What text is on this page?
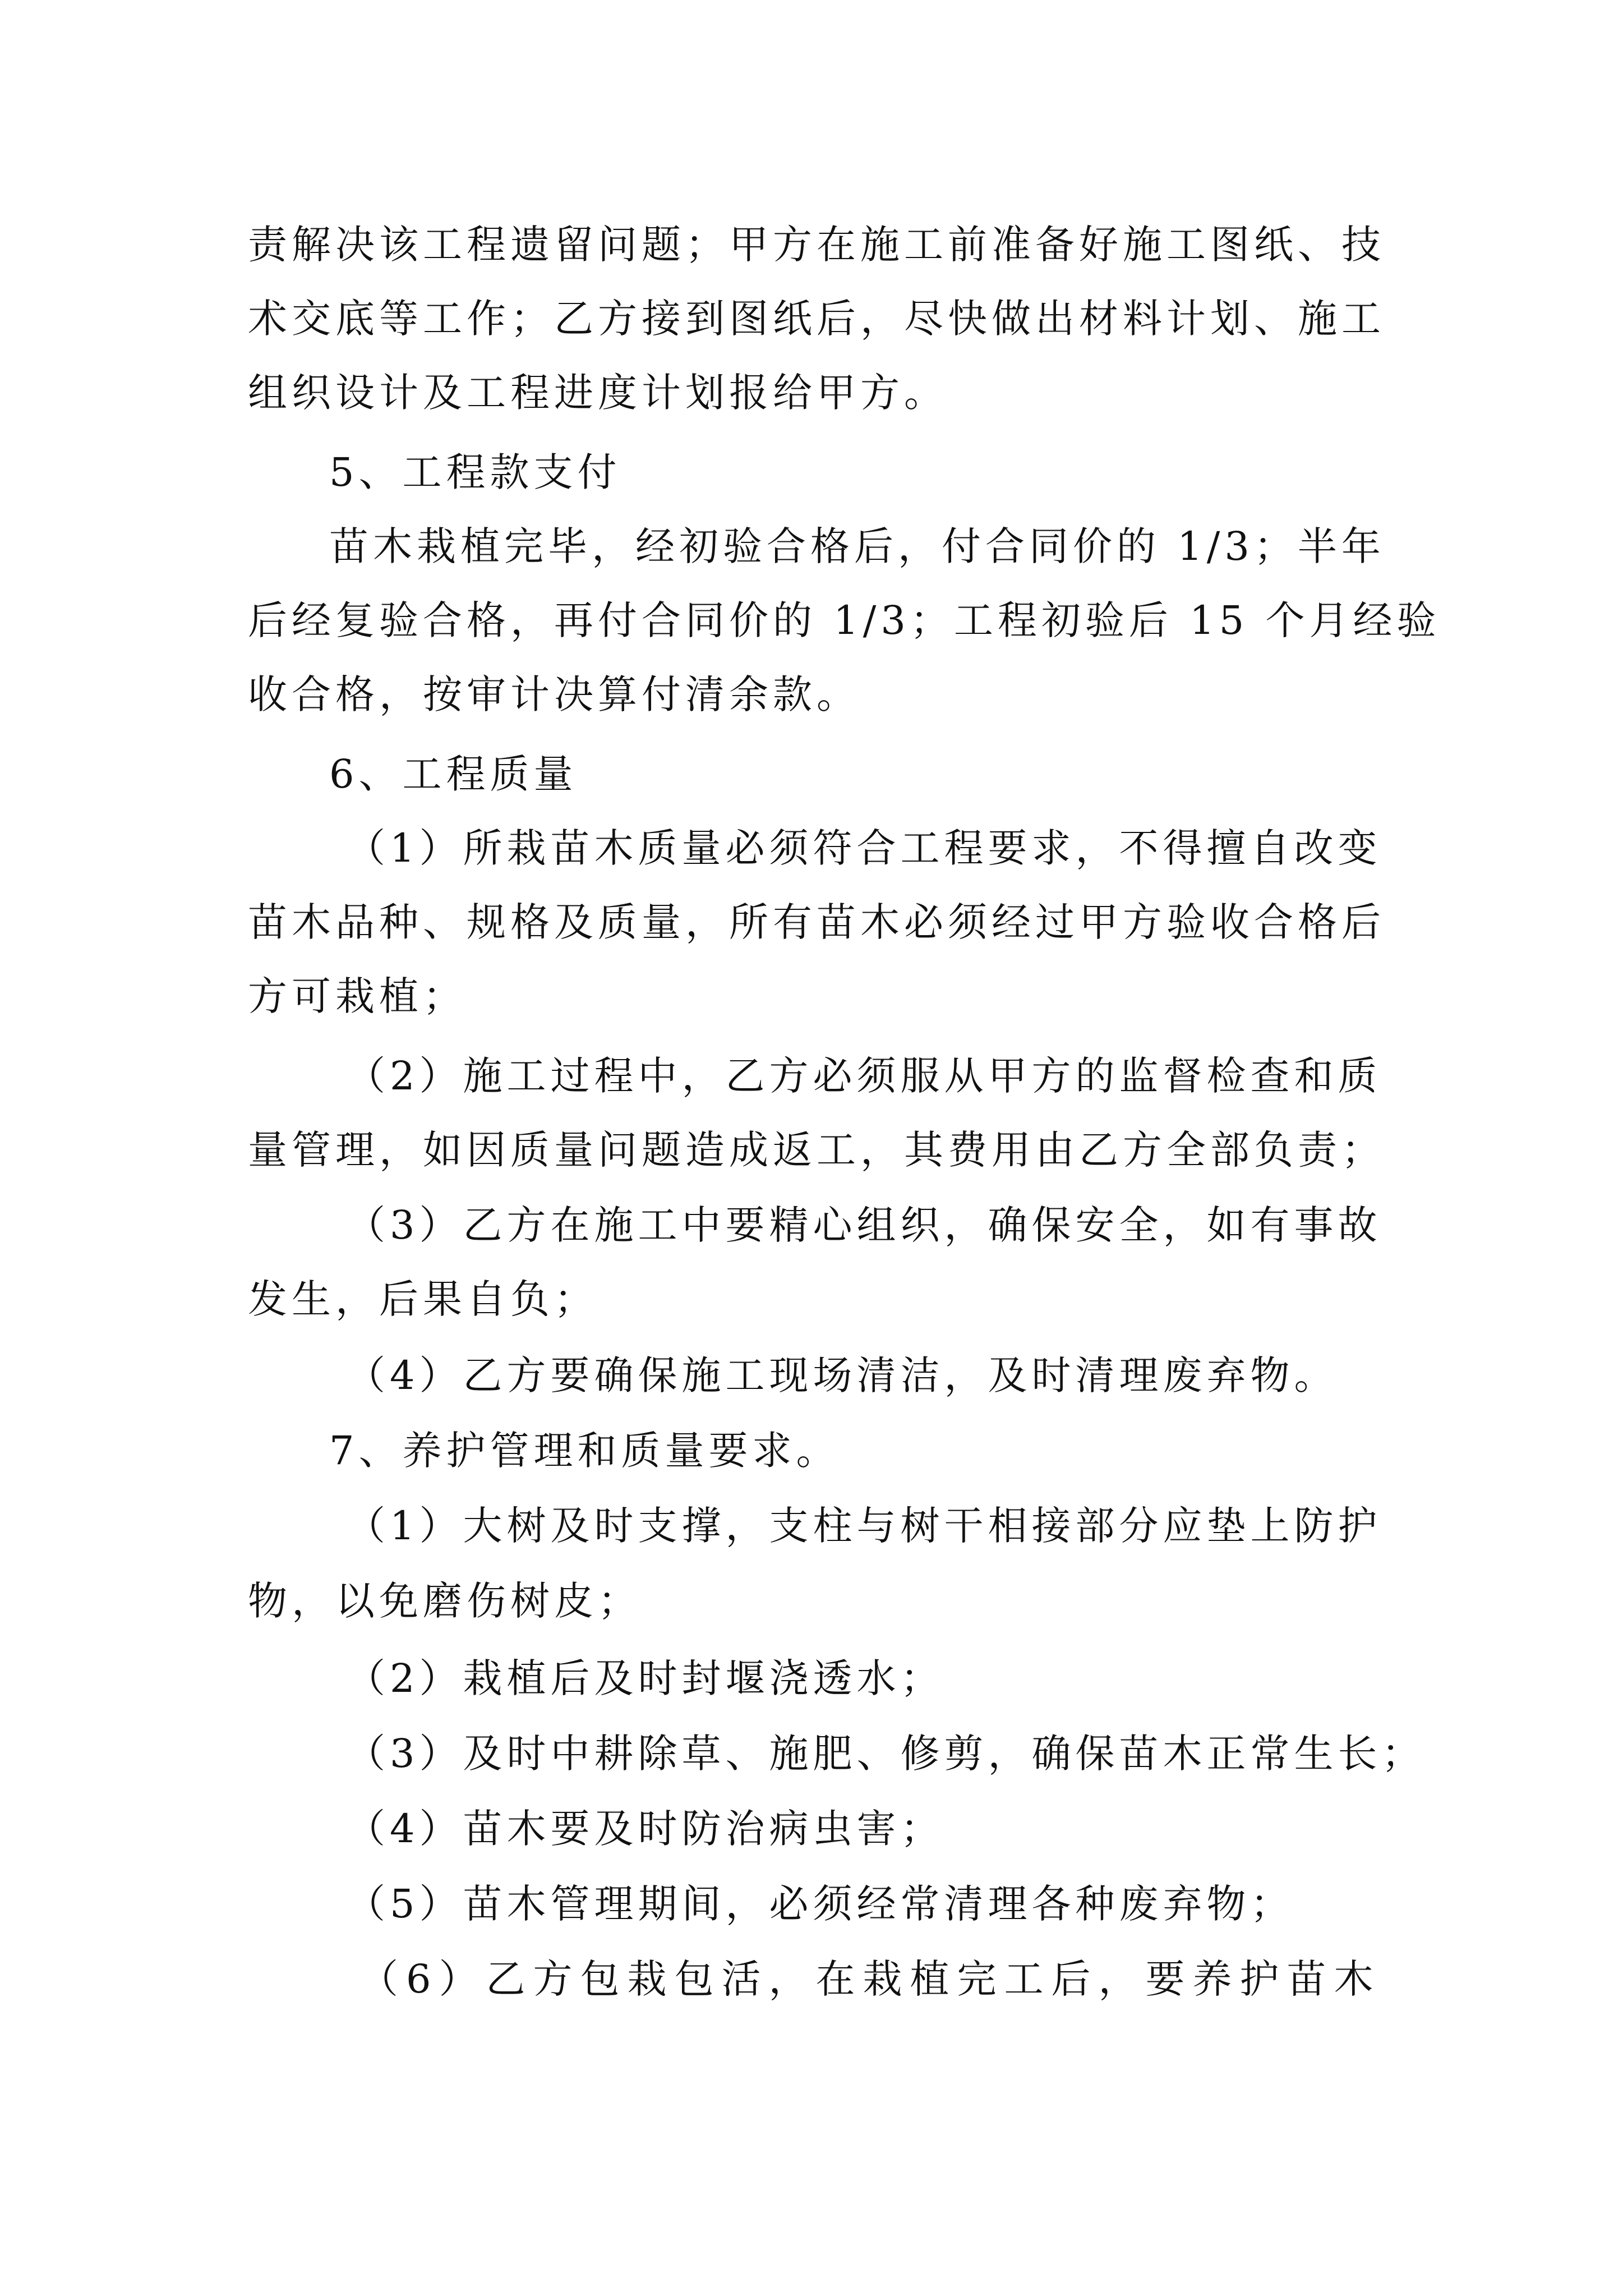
责解决该工程遗留问题；甲方在施工前准备好施工图纸、技
术交底等工作；乙方接到图纸后，尽快做出材料计划、施工
组织设计及工程进度计划报给甲方。
5、工程款支付
苗木栽植完毕，经初验合格后，付合同价的 1/3；半年
后经复验合格，再付合同价的 1/3；工程初验后 15 个月经验
收合格，按审计决算付清余款。
6、工程质量
（1）所栽苗木质量必须符合工程要求，不得擅自改变
苗木品种、规格及质量，所有苗木必须经过甲方验收合格后
方可栽植；
（2）施工过程中，乙方必须服从甲方的监督检查和质
量管理，如因质量问题造成返工，其费用由乙方全部负责；
（3）乙方在施工中要精心组织，确保安全，如有事故
发生，后果自负；
（4）乙方要确保施工现场清洁，及时清理废弃物。
7、养护管理和质量要求。
（1）大树及时支撑，支柱与树干相接部分应垫上防护
物，以免磨伤树皮；
（2）栽植后及时封堰浇透水；
（3）及时中耕除草、施肥、修剪，确保苗木正常生长；
（4）苗木要及时防治病虫害；
（5）苗木管理期间，必须经常清理各种废弃物；
（6）乙方包栽包活，在栽植完工后，要养护苗木
